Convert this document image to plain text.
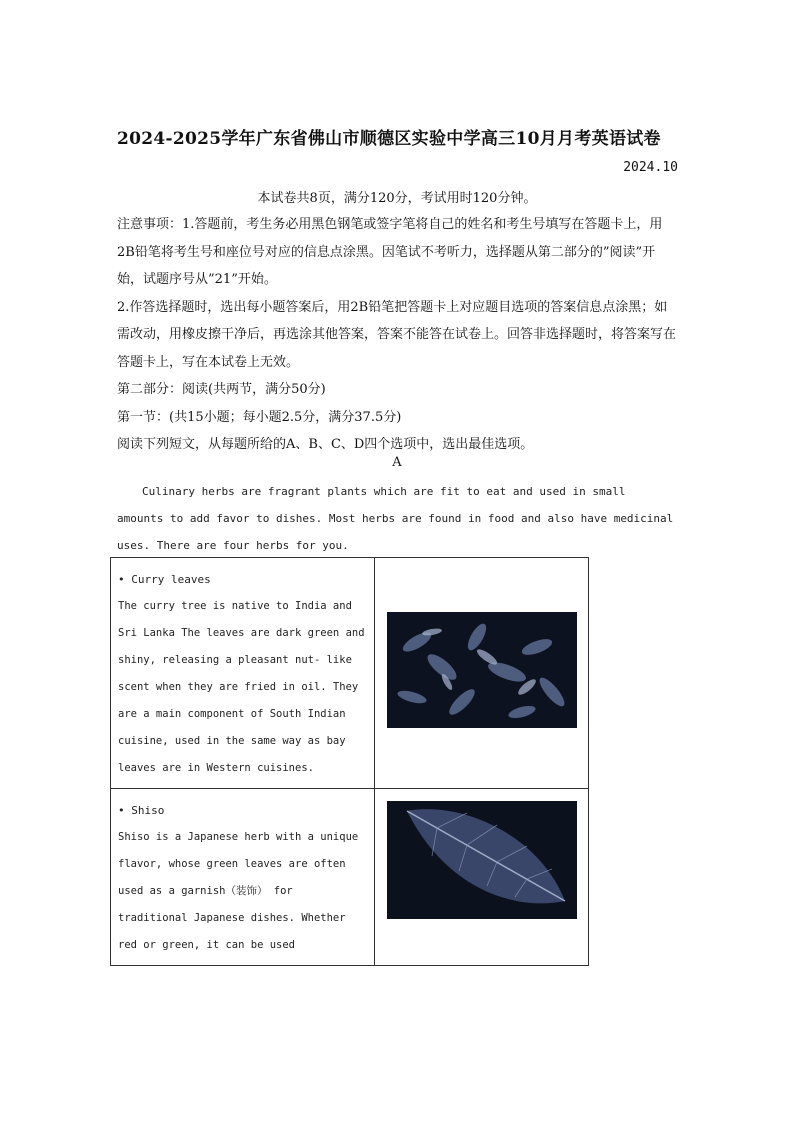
2024-2025学年广东省佛山市顺德区实验中学高三10月月考英语试卷
2024.10
本试卷共8页，满分120分，考试用时120分钟。

注意事项：1.答题前，考生务必用黑色钢笔或签字笔将自己的姓名和考生号填写在答题卡上，用2B铅笔将考生号和座位号对应的信息点涂黑。因笔试不考听力，选择题从第二部分的”阅读”开始，试题序号从”21”开始。

2.作答选择题时，选出每小题答案后，用2B铅笔把答题卡上对应题目选项的答案信息点涂黑；如需改动，用橡皮擦干净后，再选涂其他答案，答案不能答在试卷上。回答非选择题时，将答案写在答题卡上，写在本试卷上无效。

第二部分：阅读(共两节，满分50分)

第一节：(共15小题；每小题2.5分，满分37.5分)

阅读下列短文，从每题所给的A、B、C、D四个选项中，选出最佳选项。

A
Culinary herbs are fragrant plants which are fit to eat and used in small amounts to add favor to dishes. Most herbs are found in food and also have medicinal uses. There are four herbs for you.
• Curry leaves
The curry tree is native to India and Sri Lanka The leaves are dark green and shiny, releasing a pleasant nut- like scent when they are fried in oil. They are a main component of South Indian cuisine, used in the same way as bay leaves are in Western cuisines.

• Shiso
Shiso is a Japanese herb with a unique flavor, whose green leaves are often used as a garnish（装饰） for traditional Japanese dishes. Whether red or green, it can be used
